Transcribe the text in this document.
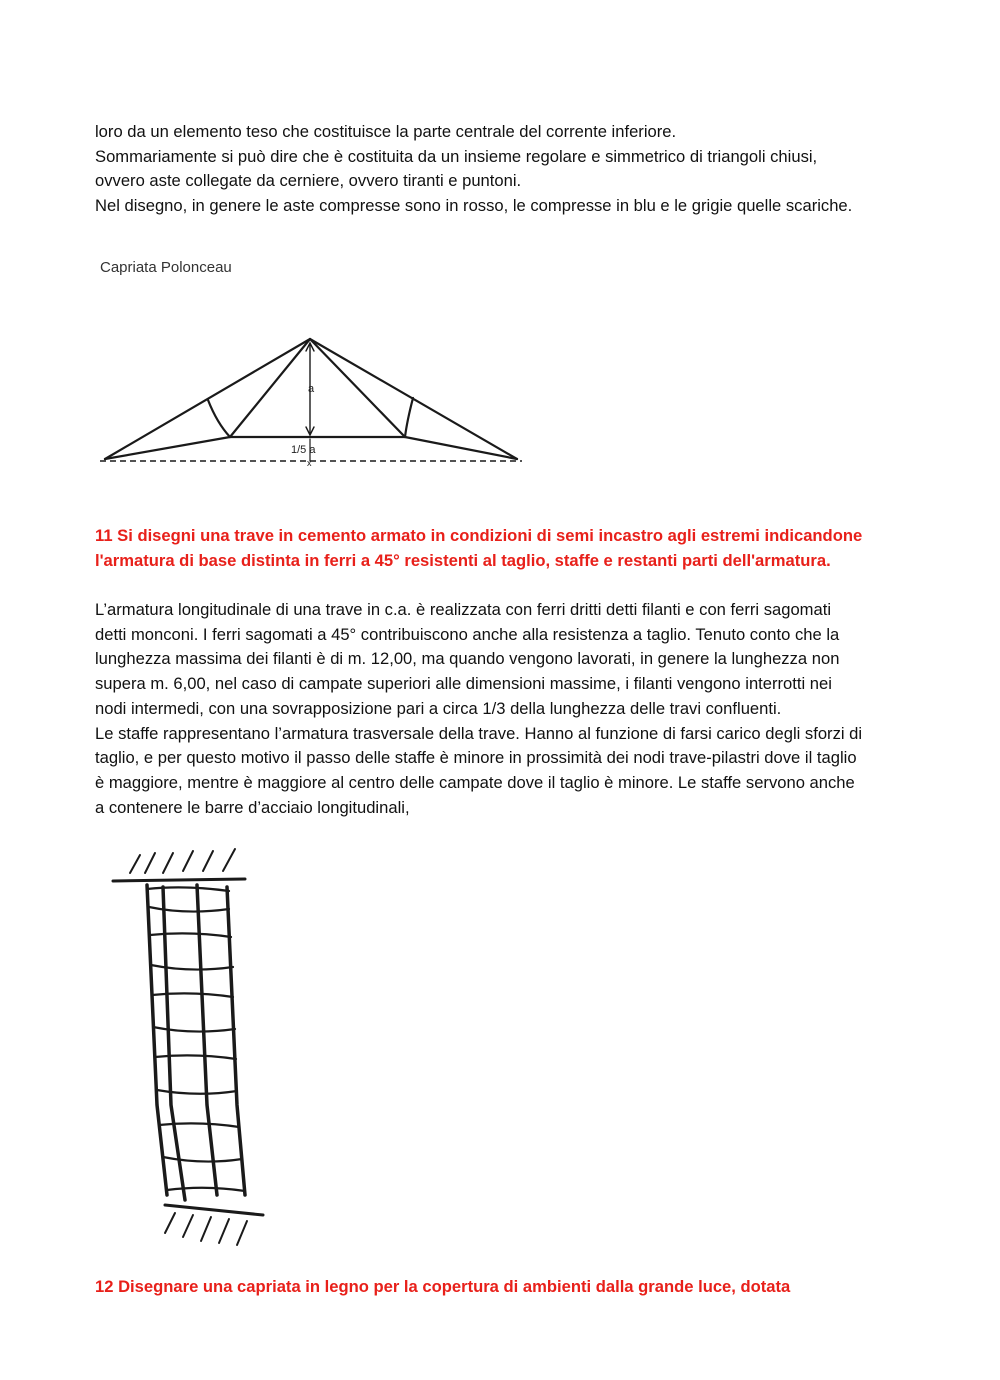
loro da un elemento teso che costituisce la parte centrale del corrente inferiore.

Sommariamente si può dire che è costituita da un insieme regolare e simmetrico di triangoli chiusi, ovvero aste collegate da cerniere, ovvero tiranti e puntoni.

Nel disegno, in genere le aste compresse sono in rosso, le compresse in blu e le grigie quelle scariche.

Capriata Polonceau
a
1/5 a
x

11 Si disegni una trave in cemento armato in condizioni di semi incastro agli estremi indicandone l'armatura di base distinta in ferri a 45° resistenti al taglio, staffe e restanti parti dell'armatura.

L’armatura longitudinale di una trave in c.a. è realizzata con ferri dritti detti filanti e con ferri sagomati detti monconi. I ferri sagomati a 45° contribuiscono anche alla resistenza a taglio. Tenuto conto che la lunghezza massima dei filanti è di m. 12,00, ma quando vengono lavorati, in genere la lunghezza non supera m. 6,00, nel caso di campate superiori alle dimensioni massime, i filanti vengono interrotti nei nodi intermedi, con una sovrapposizione pari a circa 1/3 della lunghezza delle travi confluenti.

Le staffe rappresentano l’armatura trasversale della trave. Hanno al funzione di farsi carico degli sforzi di taglio, e per questo motivo il passo delle staffe è minore in prossimità dei nodi trave-pilastri dove il taglio è maggiore, mentre è maggiore al centro delle campate dove il taglio è minore. Le staffe servono anche a contenere le barre d’acciaio longitudinali,

12 Disegnare una capriata in legno per la copertura di ambienti dalla grande luce, dotata
